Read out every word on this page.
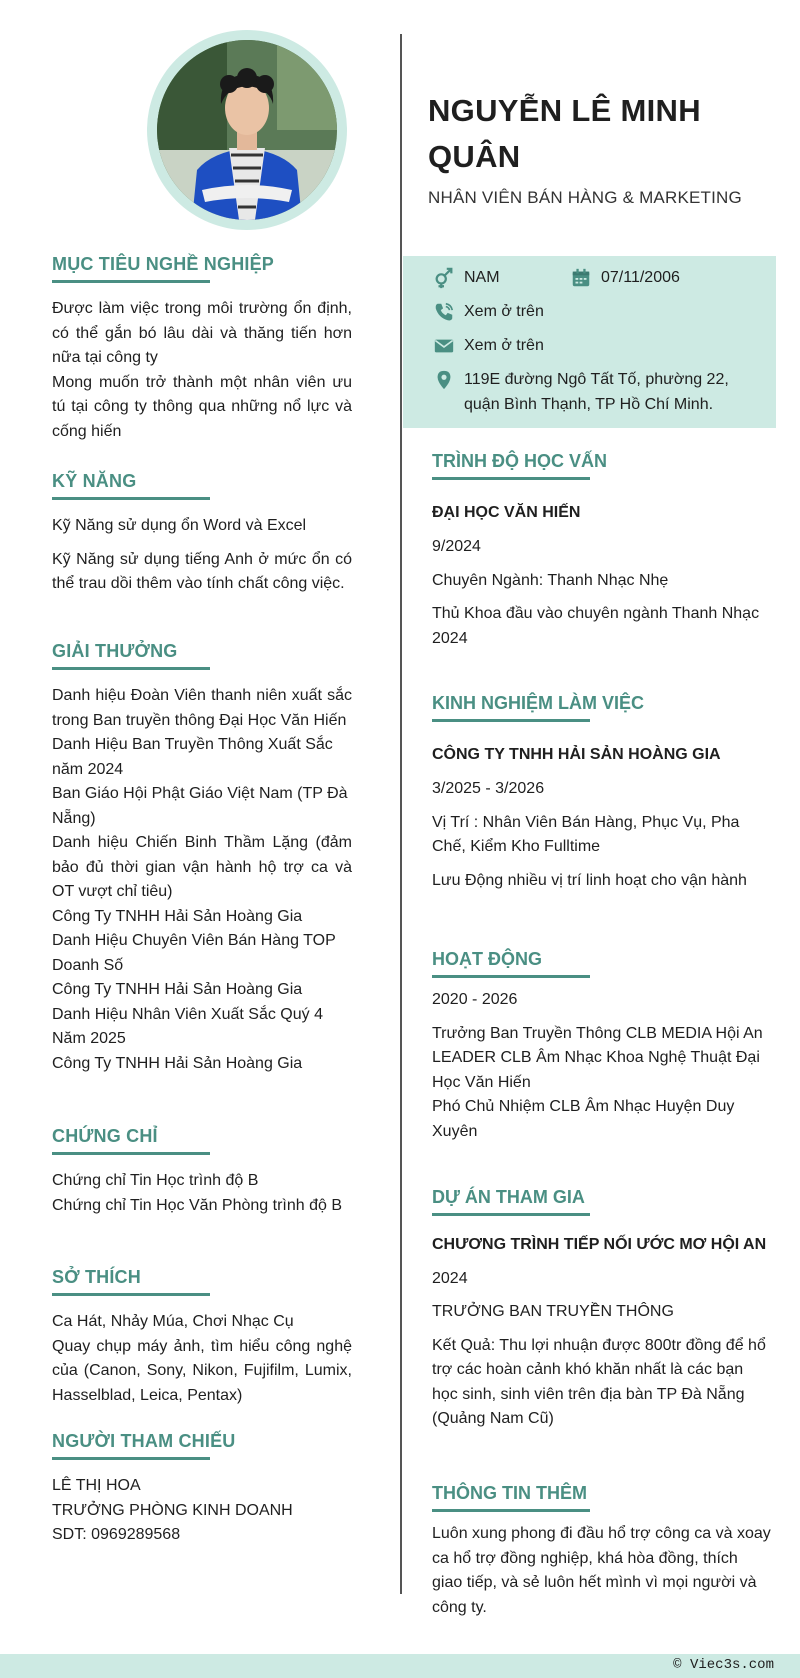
MỤC TIÊU NGHỀ NGHIỆP
Được làm việc trong môi trường ổn định, có thể gắn bó lâu dài và thăng tiến hơn nữa tại công ty
Mong muốn trở thành một nhân viên ưu tú tại công ty thông qua những nổ lực và cống hiến
KỸ NĂNG
Kỹ Năng sử dụng ổn Word và Excel
Kỹ Năng sử dụng tiếng Anh ở mức ổn có thể trau dồi thêm vào tính chất công việc.
GIẢI THƯỞNG
Danh hiệu Đoàn Viên thanh niên xuất sắc trong Ban truyền thông Đại Học Văn Hiến
Danh Hiệu Ban Truyền Thông Xuất Sắc năm 2024
Ban Giáo Hội Phật Giáo Việt Nam (TP Đà Nẵng)
Danh hiệu Chiến Binh Thầm Lặng (đảm bảo đủ thời gian vận hành hộ trợ ca và OT vượt chỉ tiêu)
Công Ty TNHH Hải Sản Hoàng Gia
Danh Hiệu Chuyên Viên Bán Hàng TOP Doanh Số
Công Ty TNHH Hải Sản Hoàng Gia
Danh Hiệu Nhân Viên Xuất Sắc Quý 4 Năm 2025
Công Ty TNHH Hải Sản Hoàng Gia
CHỨNG CHỈ
Chứng chỉ Tin Học trình độ B
Chứng chỉ Tin Học Văn Phòng trình độ B
SỞ THÍCH
Ca Hát, Nhảy Múa, Chơi Nhạc Cụ
Quay chụp máy ảnh, tìm hiểu công nghệ của (Canon, Sony, Nikon, Fujifilm, Lumix, Hasselblad, Leica, Pentax)
NGƯỜI THAM CHIẾU
LÊ THỊ HOA
TRƯỞNG PHÒNG KINH DOANH
SDT: 0969289568
NGUYỄN LÊ MINH QUÂN
NHÂN VIÊN BÁN HÀNG & MARKETING
NAM	07/11/2006
Xem ở trên
Xem ở trên
119E đường Ngô Tất Tố, phường 22, quận Bình Thạnh, TP Hồ Chí Minh.
TRÌNH ĐỘ HỌC VẤN
ĐẠI HỌC VĂN HIẾN
9/2024
Chuyên Ngành: Thanh Nhạc Nhẹ
Thủ Khoa đầu vào chuyên ngành Thanh Nhạc 2024
KINH NGHIỆM LÀM VIỆC
CÔNG TY TNHH HẢI SẢN HOÀNG GIA
3/2025 - 3/2026
Vị Trí : Nhân Viên Bán Hàng, Phục Vụ, Pha Chế, Kiểm Kho Fulltime
Lưu Động nhiều vị trí linh hoạt cho vận hành
HOẠT ĐỘNG
2020 - 2026
Trưởng Ban Truyền Thông CLB MEDIA Hội An
LEADER CLB Âm Nhạc Khoa Nghệ Thuật Đại Học Văn Hiến
Phó Chủ Nhiệm CLB Âm Nhạc Huyện Duy Xuyên
DỰ ÁN THAM GIA
CHƯƠNG TRÌNH TIẾP NỐI ƯỚC MƠ HỘI AN
2024
TRƯỞNG BAN TRUYỀN THÔNG
Kết Quả: Thu lợi nhuận được 800tr đồng để hổ trợ các hoàn cảnh khó khăn nhất là các bạn học sinh, sinh viên trên địa bàn TP Đà Nẵng (Quảng Nam Cũ)
THÔNG TIN THÊM
Luôn xung phong đi đầu hổ trợ công ca và xoay ca hổ trợ đồng nghiệp, khá hòa đồng, thích giao tiếp, và sẻ luôn hết mình vì mọi người và công ty.
© Viec3s.com
